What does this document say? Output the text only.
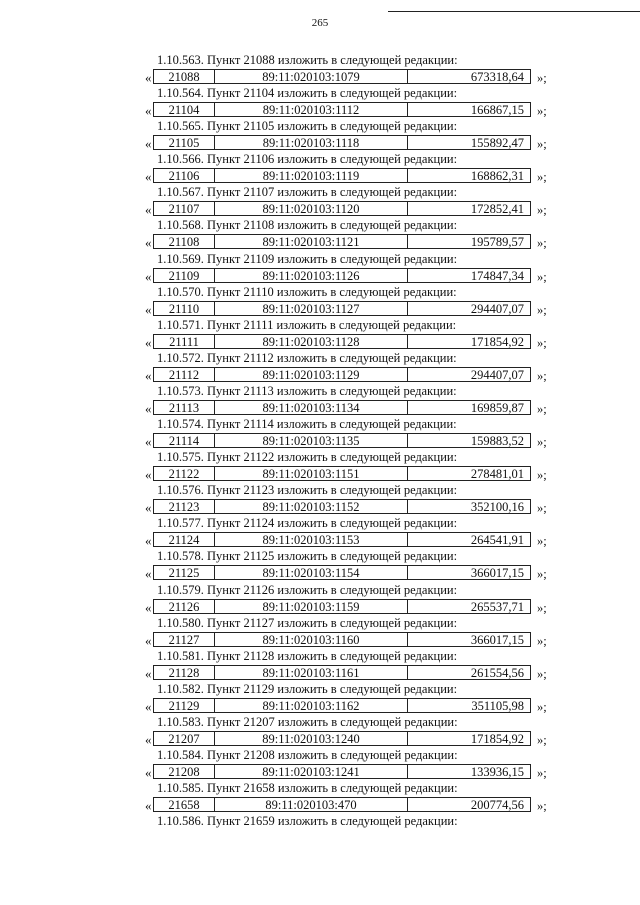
265
1.10.563. Пункт 21088 изложить в следующей редакции:
«	21088	89:11:020103:1079	673318,64	»;
1.10.564. Пункт 21104 изложить в следующей редакции:
«	21104	89:11:020103:1112	166867,15	»;
1.10.565. Пункт 21105 изложить в следующей редакции:
«	21105	89:11:020103:1118	155892,47	»;
1.10.566. Пункт 21106 изложить в следующей редакции:
«	21106	89:11:020103:1119	168862,31	»;
1.10.567. Пункт 21107 изложить в следующей редакции:
«	21107	89:11:020103:1120	172852,41	»;
1.10.568. Пункт 21108 изложить в следующей редакции:
«	21108	89:11:020103:1121	195789,57	»;
1.10.569. Пункт 21109 изложить в следующей редакции:
«	21109	89:11:020103:1126	174847,34	»;
1.10.570. Пункт 21110 изложить в следующей редакции:
«	21110	89:11:020103:1127	294407,07	»;
1.10.571. Пункт 21111 изложить в следующей редакции:
«	21111	89:11:020103:1128	171854,92	»;
1.10.572. Пункт 21112 изложить в следующей редакции:
«	21112	89:11:020103:1129	294407,07	»;
1.10.573. Пункт 21113 изложить в следующей редакции:
«	21113	89:11:020103:1134	169859,87	»;
1.10.574. Пункт 21114 изложить в следующей редакции:
«	21114	89:11:020103:1135	159883,52	»;
1.10.575. Пункт 21122 изложить в следующей редакции:
«	21122	89:11:020103:1151	278481,01	»;
1.10.576. Пункт 21123 изложить в следующей редакции:
«	21123	89:11:020103:1152	352100,16	»;
1.10.577. Пункт 21124 изложить в следующей редакции:
«	21124	89:11:020103:1153	264541,91	»;
1.10.578. Пункт 21125 изложить в следующей редакции:
«	21125	89:11:020103:1154	366017,15	»;
1.10.579. Пункт 21126 изложить в следующей редакции:
«	21126	89:11:020103:1159	265537,71	»;
1.10.580. Пункт 21127 изложить в следующей редакции:
«	21127	89:11:020103:1160	366017,15	»;
1.10.581. Пункт 21128 изложить в следующей редакции:
«	21128	89:11:020103:1161	261554,56	»;
1.10.582. Пункт 21129 изложить в следующей редакции:
«	21129	89:11:020103:1162	351105,98	»;
1.10.583. Пункт 21207 изложить в следующей редакции:
«	21207	89:11:020103:1240	171854,92	»;
1.10.584. Пункт 21208 изложить в следующей редакции:
«	21208	89:11:020103:1241	133936,15	»;
1.10.585. Пункт 21658 изложить в следующей редакции:
«	21658	89:11:020103:470	200774,56	»;
1.10.586. Пункт 21659 изложить в следующей редакции:
